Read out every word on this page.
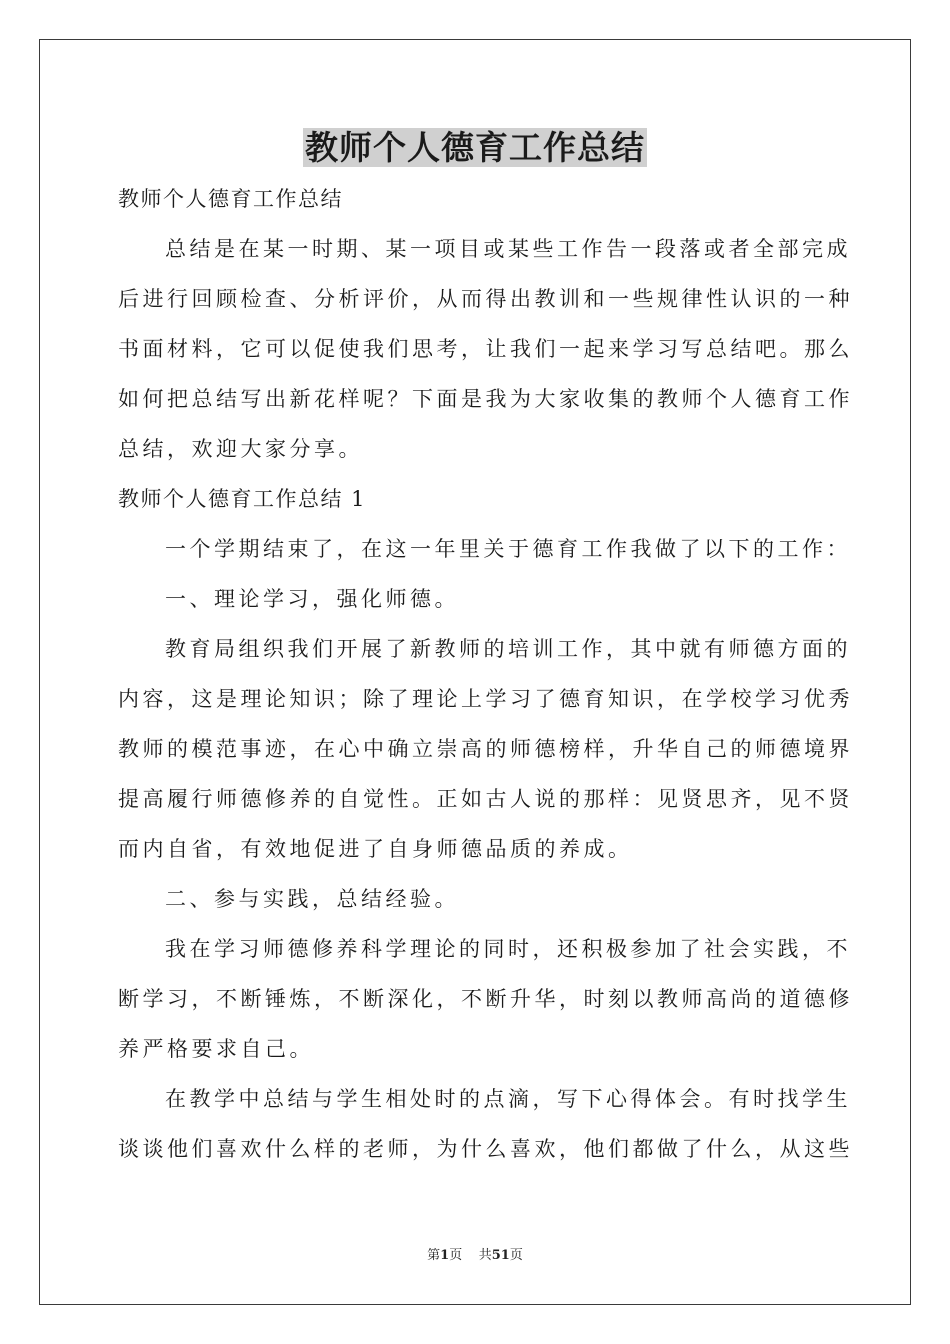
教师个人德育工作总结
教师个人德育工作总结
总结是在某一时期、某一项目或某些工作告一段落或者全部完成
后进行回顾检查、分析评价，从而得出教训和一些规律性认识的一种
书面材料，它可以促使我们思考，让我们一起来学习写总结吧。那么
如何把总结写出新花样呢？下面是我为大家收集的教师个人德育工作
总结，欢迎大家分享。
教师个人德育工作总结 1
一个学期结束了，在这一年里关于德育工作我做了以下的工作：
一、理论学习，强化师德。
教育局组织我们开展了新教师的培训工作，其中就有师德方面的
内容，这是理论知识；除了理论上学习了德育知识，在学校学习优秀
教师的模范事迹，在心中确立崇高的师德榜样，升华自己的师德境界
提高履行师德修养的自觉性。正如古人说的那样：见贤思齐，见不贤
而内自省，有效地促进了自身师德品质的养成。
二、参与实践，总结经验。
我在学习师德修养科学理论的同时，还积极参加了社会实践，不
断学习，不断锤炼，不断深化，不断升华，时刻以教师高尚的道德修
养严格要求自己。
在教学中总结与学生相处时的点滴，写下心得体会。有时找学生
谈谈他们喜欢什么样的老师，为什么喜欢，他们都做了什么，从这些
第1页 共51页
